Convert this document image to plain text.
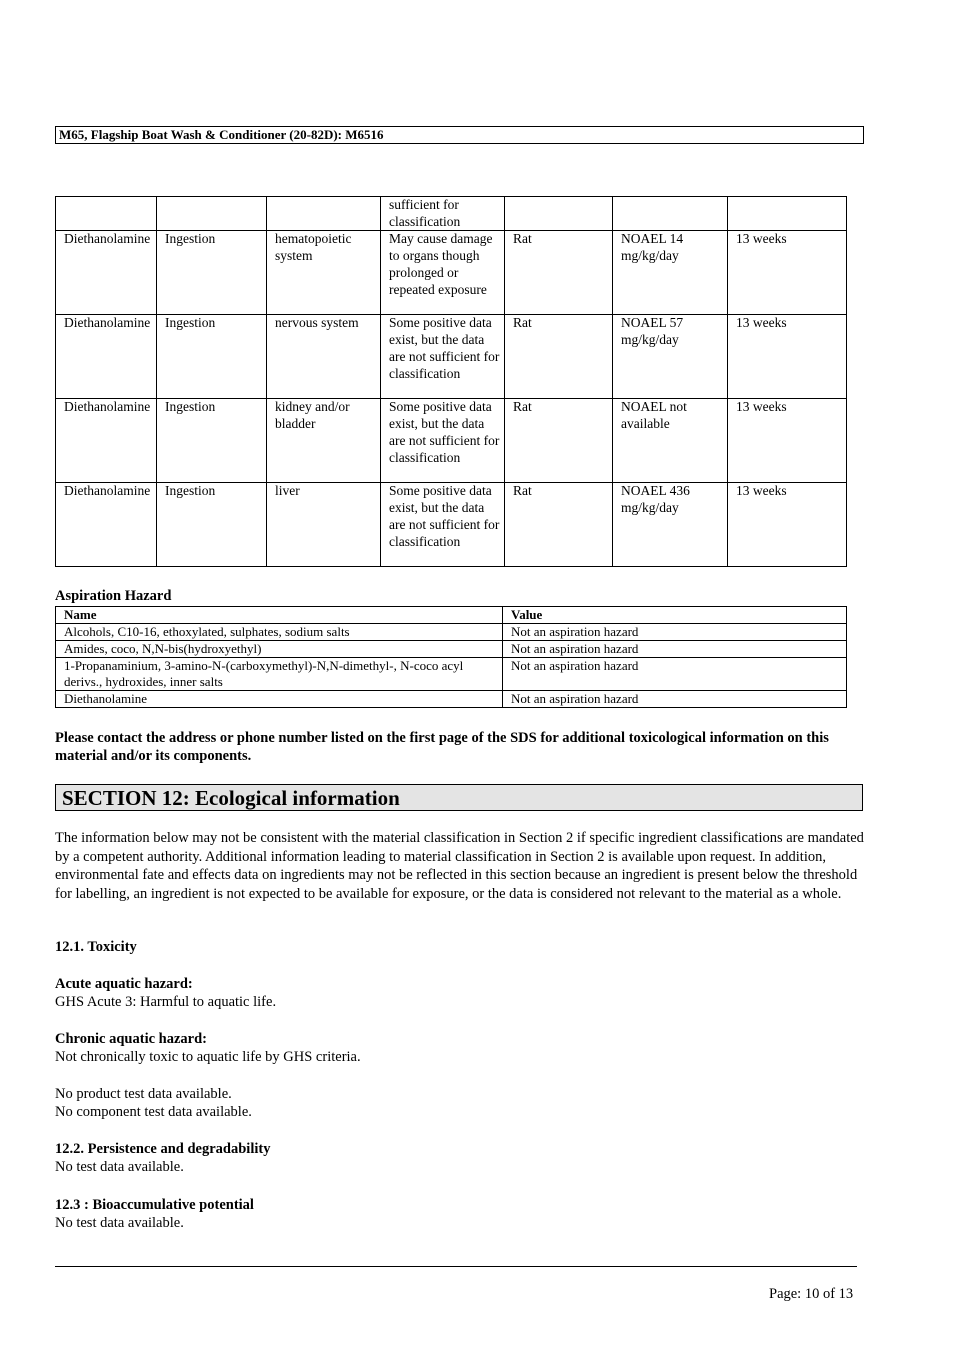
M65, Flagship Boat Wash & Conditioner (20-82D): M6516
			sufficient for classification			
Diethanolamine	Ingestion	hematopoietic system	May cause damage to organs though prolonged or repeated exposure	Rat	NOAEL 14 mg/kg/day	13 weeks
Diethanolamine	Ingestion	nervous system	Some positive data exist, but the data are not sufficient for classification	Rat	NOAEL 57 mg/kg/day	13 weeks
Diethanolamine	Ingestion	kidney and/or bladder	Some positive data exist, but the data are not sufficient for classification	Rat	NOAEL not available	13 weeks
Diethanolamine	Ingestion	liver	Some positive data exist, but the data are not sufficient for classification	Rat	NOAEL 436 mg/kg/day	13 weeks
Aspiration Hazard
Name	Value
Alcohols, C10-16, ethoxylated, sulphates, sodium salts	Not an aspiration hazard
Amides, coco, N,N-bis(hydroxyethyl)	Not an aspiration hazard
1-Propanaminium, 3-amino-N-(carboxymethyl)-N,N-dimethyl-, N-coco acyl derivs., hydroxides, inner salts	Not an aspiration hazard
Diethanolamine	Not an aspiration hazard
Please contact the address or phone number listed on the first page of the SDS for additional toxicological information on this material and/or its components.
SECTION 12: Ecological information
The information below may not be consistent with the material classification in Section 2 if specific ingredient classifications are mandated by a competent authority. Additional information leading to material classification in Section 2 is available upon request. In addition, environmental fate and effects data on ingredients may not be reflected in this section because an ingredient is present below the threshold for labelling, an ingredient is not expected to be available for exposure, or the data is considered not relevant to the material as a whole.
12.1. Toxicity
Acute aquatic hazard:
GHS Acute 3: Harmful to aquatic life.
Chronic aquatic hazard:
Not chronically toxic to aquatic life by GHS criteria.
No product test data available.
No component test data available.
12.2. Persistence and degradability
No test data available.
12.3 : Bioaccumulative potential
No test data available.
Page: 10 of 13
